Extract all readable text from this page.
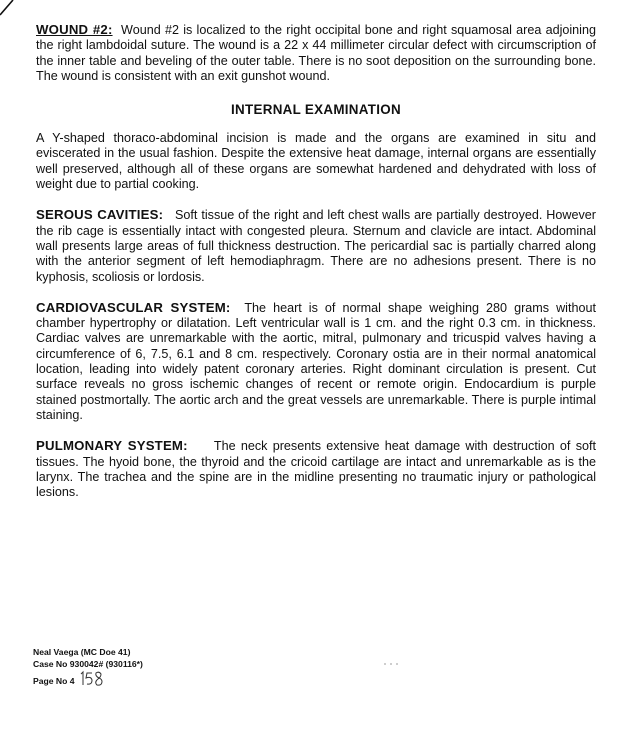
WOUND #2: Wound #2 is localized to the right occipital bone and right squamosal area adjoining the right lambdoidal suture. The wound is a 22 x 44 millimeter circular defect with circumscription of the inner table and beveling of the outer table. There is no soot deposition on the surrounding bone. The wound is consistent with an exit gunshot wound.

INTERNAL EXAMINATION

A Y-shaped thoraco-abdominal incision is made and the organs are examined in situ and eviscerated in the usual fashion. Despite the extensive heat damage, internal organs are essentially well preserved, although all of these organs are somewhat hardened and dehydrated with loss of weight due to partial cooking.

SEROUS CAVITIES: Soft tissue of the right and left chest walls are partially destroyed. However the rib cage is essentially intact with congested pleura. Sternum and clavicle are intact. Abdominal wall presents large areas of full thickness destruction. The pericardial sac is partially charred along with the anterior segment of left hemodiaphragm. There are no adhesions present. There is no kyphosis, scoliosis or lordosis.

CARDIOVASCULAR SYSTEM: The heart is of normal shape weighing 280 grams without chamber hypertrophy or dilatation. Left ventricular wall is 1 cm. and the right 0.3 cm. in thickness. Cardiac valves are unremarkable with the aortic, mitral, pulmonary and tricuspid valves having a circumference of 6, 7.5, 6.1 and 8 cm. respectively. Coronary ostia are in their normal anatomical location, leading into widely patent coronary arteries. Right dominant circulation is present. Cut surface reveals no gross ischemic changes of recent or remote origin. Endocardium is purple stained postmortally. The aortic arch and the great vessels are unremarkable. There is purple intimal staining.

PULMONARY SYSTEM: The neck presents extensive heat damage with destruction of soft tissues. The hyoid bone, the thyroid and the cricoid cartilage are intact and unremarkable as is the larynx. The trachea and the spine are in the midline presenting no traumatic injury or pathological lesions.

Neal Vaega (MC Doe 41)
Case No 930042# (930116*)
Page No 4
